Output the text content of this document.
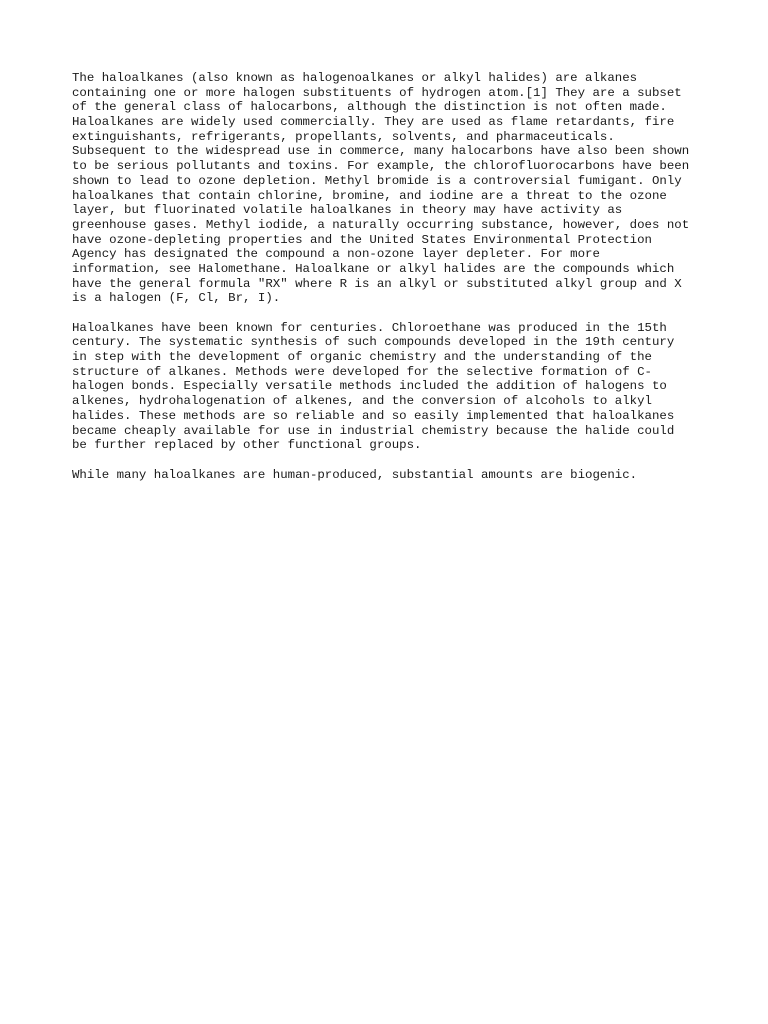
The haloalkanes (also known as halogenoalkanes or alkyl halides) are alkanes
containing one or more halogen substituents of hydrogen atom.[1] They are a subset
of the general class of halocarbons, although the distinction is not often made.
Haloalkanes are widely used commercially. They are used as flame retardants, fire
extinguishants, refrigerants, propellants, solvents, and pharmaceuticals.
Subsequent to the widespread use in commerce, many halocarbons have also been shown
to be serious pollutants and toxins. For example, the chlorofluorocarbons have been
shown to lead to ozone depletion. Methyl bromide is a controversial fumigant. Only
haloalkanes that contain chlorine, bromine, and iodine are a threat to the ozone
layer, but fluorinated volatile haloalkanes in theory may have activity as
greenhouse gases. Methyl iodide, a naturally occurring substance, however, does not
have ozone-depleting properties and the United States Environmental Protection
Agency has designated the compound a non-ozone layer depleter. For more
information, see Halomethane. Haloalkane or alkyl halides are the compounds which
have the general formula "RX" where R is an alkyl or substituted alkyl group and X
is a halogen (F, Cl, Br, I).
Haloalkanes have been known for centuries. Chloroethane was produced in the 15th
century. The systematic synthesis of such compounds developed in the 19th century
in step with the development of organic chemistry and the understanding of the
structure of alkanes. Methods were developed for the selective formation of C-
halogen bonds. Especially versatile methods included the addition of halogens to
alkenes, hydrohalogenation of alkenes, and the conversion of alcohols to alkyl
halides. These methods are so reliable and so easily implemented that haloalkanes
became cheaply available for use in industrial chemistry because the halide could
be further replaced by other functional groups.
While many haloalkanes are human-produced, substantial amounts are biogenic.
